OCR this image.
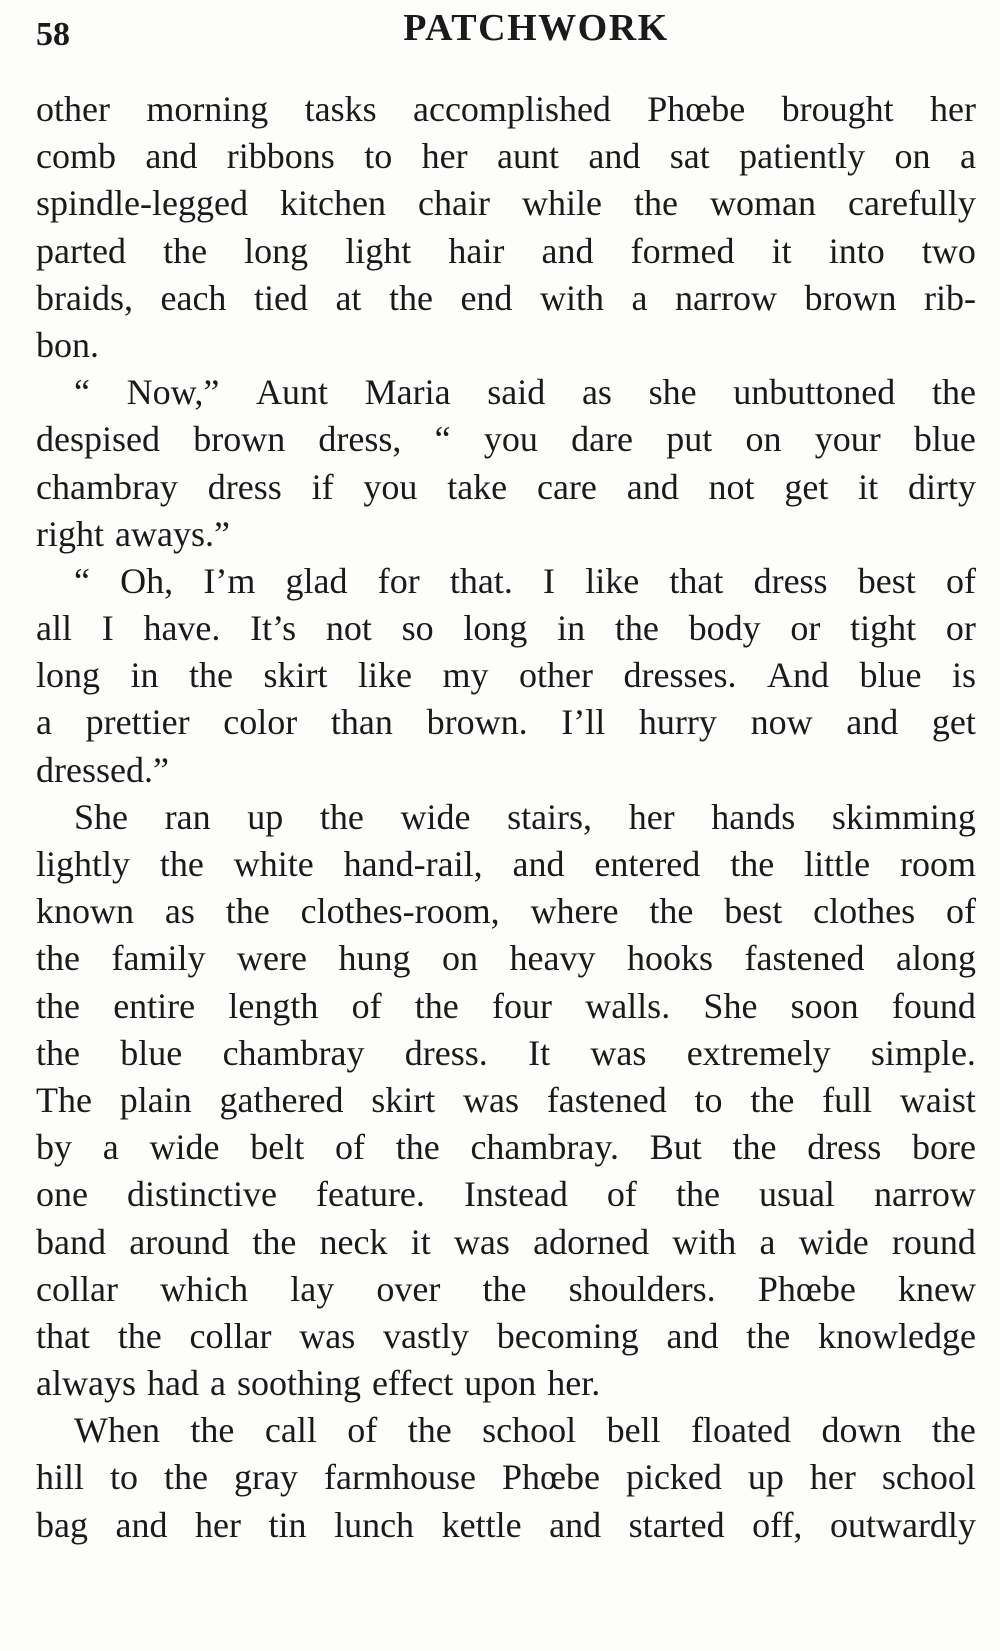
58	PATCHWORK
other morning tasks accomplished Phœbe brought her
comb and ribbons to her aunt and sat patiently on a
spindle-legged kitchen chair while the woman carefully
parted the long light hair and formed it into two
braids, each tied at the end with a narrow brown rib-
bon.
“ Now,” Aunt Maria said as she unbuttoned the
despised brown dress, “ you dare put on your blue
chambray dress if you take care and not get it dirty
right aways.”
“ Oh, I’m glad for that. I like that dress best of
all I have. It’s not so long in the body or tight or
long in the skirt like my other dresses. And blue is
a prettier color than brown. I’ll hurry now and get
dressed.”
She ran up the wide stairs, her hands skimming
lightly the white hand-rail, and entered the little room
known as the clothes-room, where the best clothes of
the family were hung on heavy hooks fastened along
the entire length of the four walls. She soon found
the blue chambray dress. It was extremely simple.
The plain gathered skirt was fastened to the full waist
by a wide belt of the chambray. But the dress bore
one distinctive feature. Instead of the usual narrow
band around the neck it was adorned with a wide round
collar which lay over the shoulders. Phœbe knew
that the collar was vastly becoming and the knowledge
always had a soothing effect upon her.
When the call of the school bell floated down the
hill to the gray farmhouse Phœbe picked up her school
bag and her tin lunch kettle and started off, outwardly
